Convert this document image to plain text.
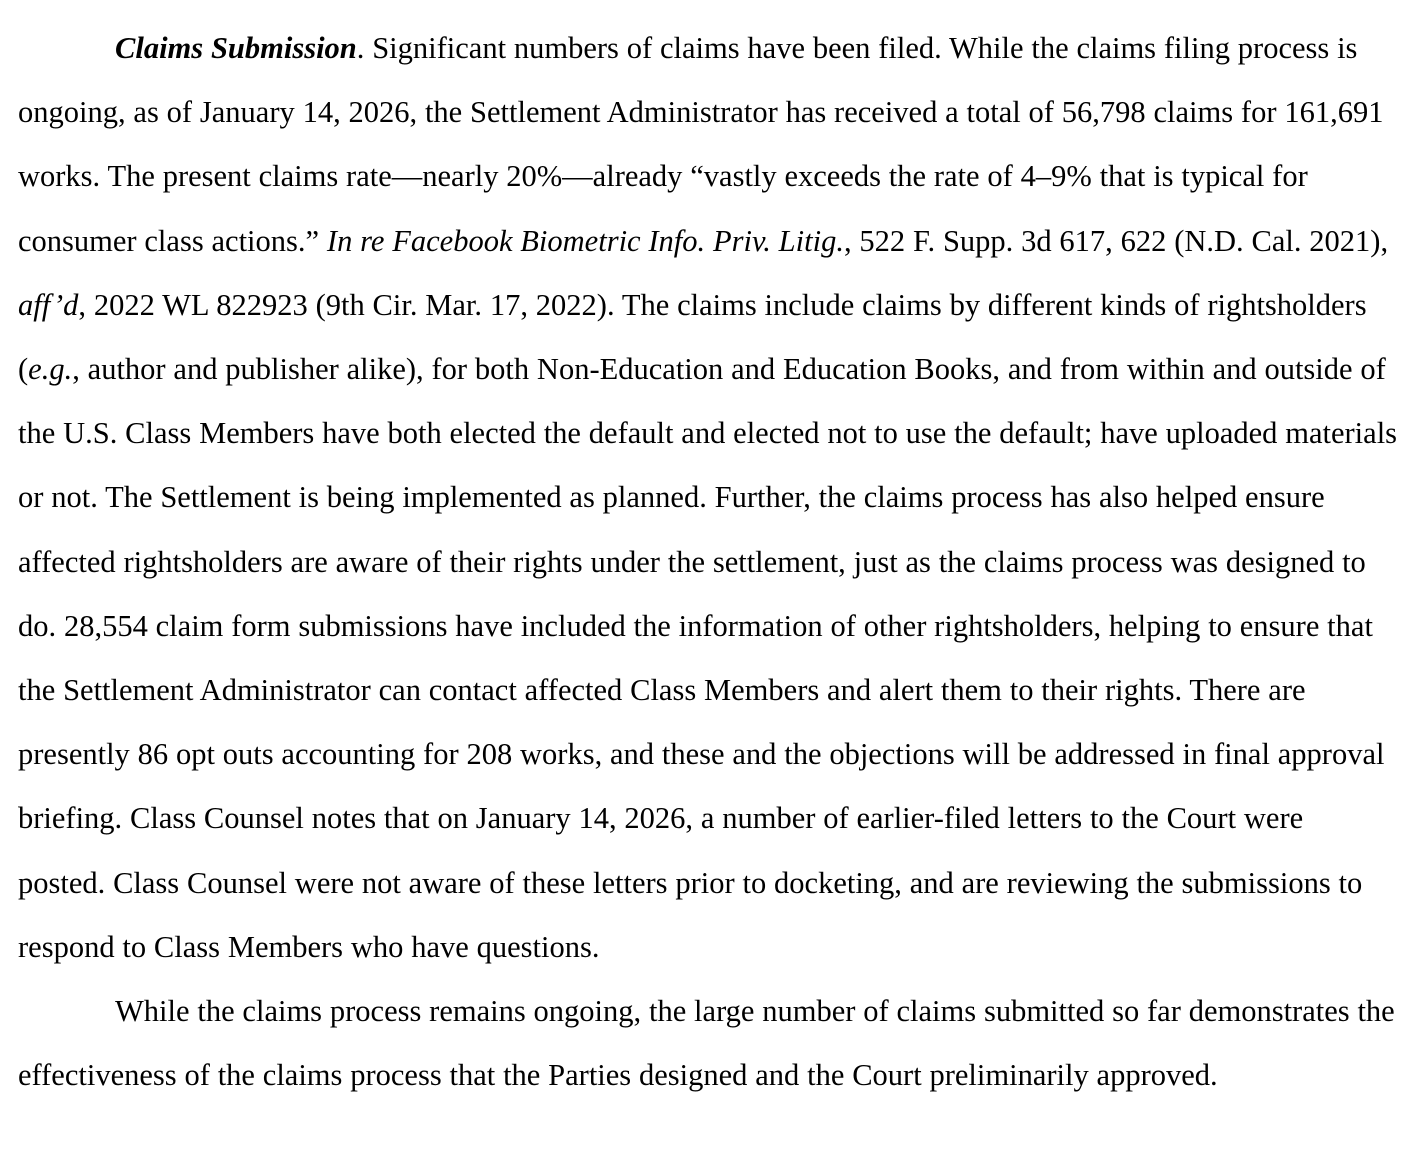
Claims Submission. Significant numbers of claims have been filed. While the claims filing process is ongoing, as of January 14, 2026, the Settlement Administrator has received a total of 56,798 claims for 161,691 works. The present claims rate—nearly 20%—already “vastly exceeds the rate of 4–9% that is typical for consumer class actions.” In re Facebook Biometric Info. Priv. Litig., 522 F. Supp. 3d 617, 622 (N.D. Cal. 2021), aff’d, 2022 WL 822923 (9th Cir. Mar. 17, 2022). The claims include claims by different kinds of rightsholders (e.g., author and publisher alike), for both Non-Education and Education Books, and from within and outside of the U.S. Class Members have both elected the default and elected not to use the default; have uploaded materials or not. The Settlement is being implemented as planned. Further, the claims process has also helped ensure affected rightsholders are aware of their rights under the settlement, just as the claims process was designed to do. 28,554 claim form submissions have included the information of other rightsholders, helping to ensure that the Settlement Administrator can contact affected Class Members and alert them to their rights. There are presently 86 opt outs accounting for 208 works, and these and the objections will be addressed in final approval briefing. Class Counsel notes that on January 14, 2026, a number of earlier-filed letters to the Court were posted. Class Counsel were not aware of these letters prior to docketing, and are reviewing the submissions to respond to Class Members who have questions.

While the claims process remains ongoing, the large number of claims submitted so far demonstrates the effectiveness of the claims process that the Parties designed and the Court preliminarily approved.
